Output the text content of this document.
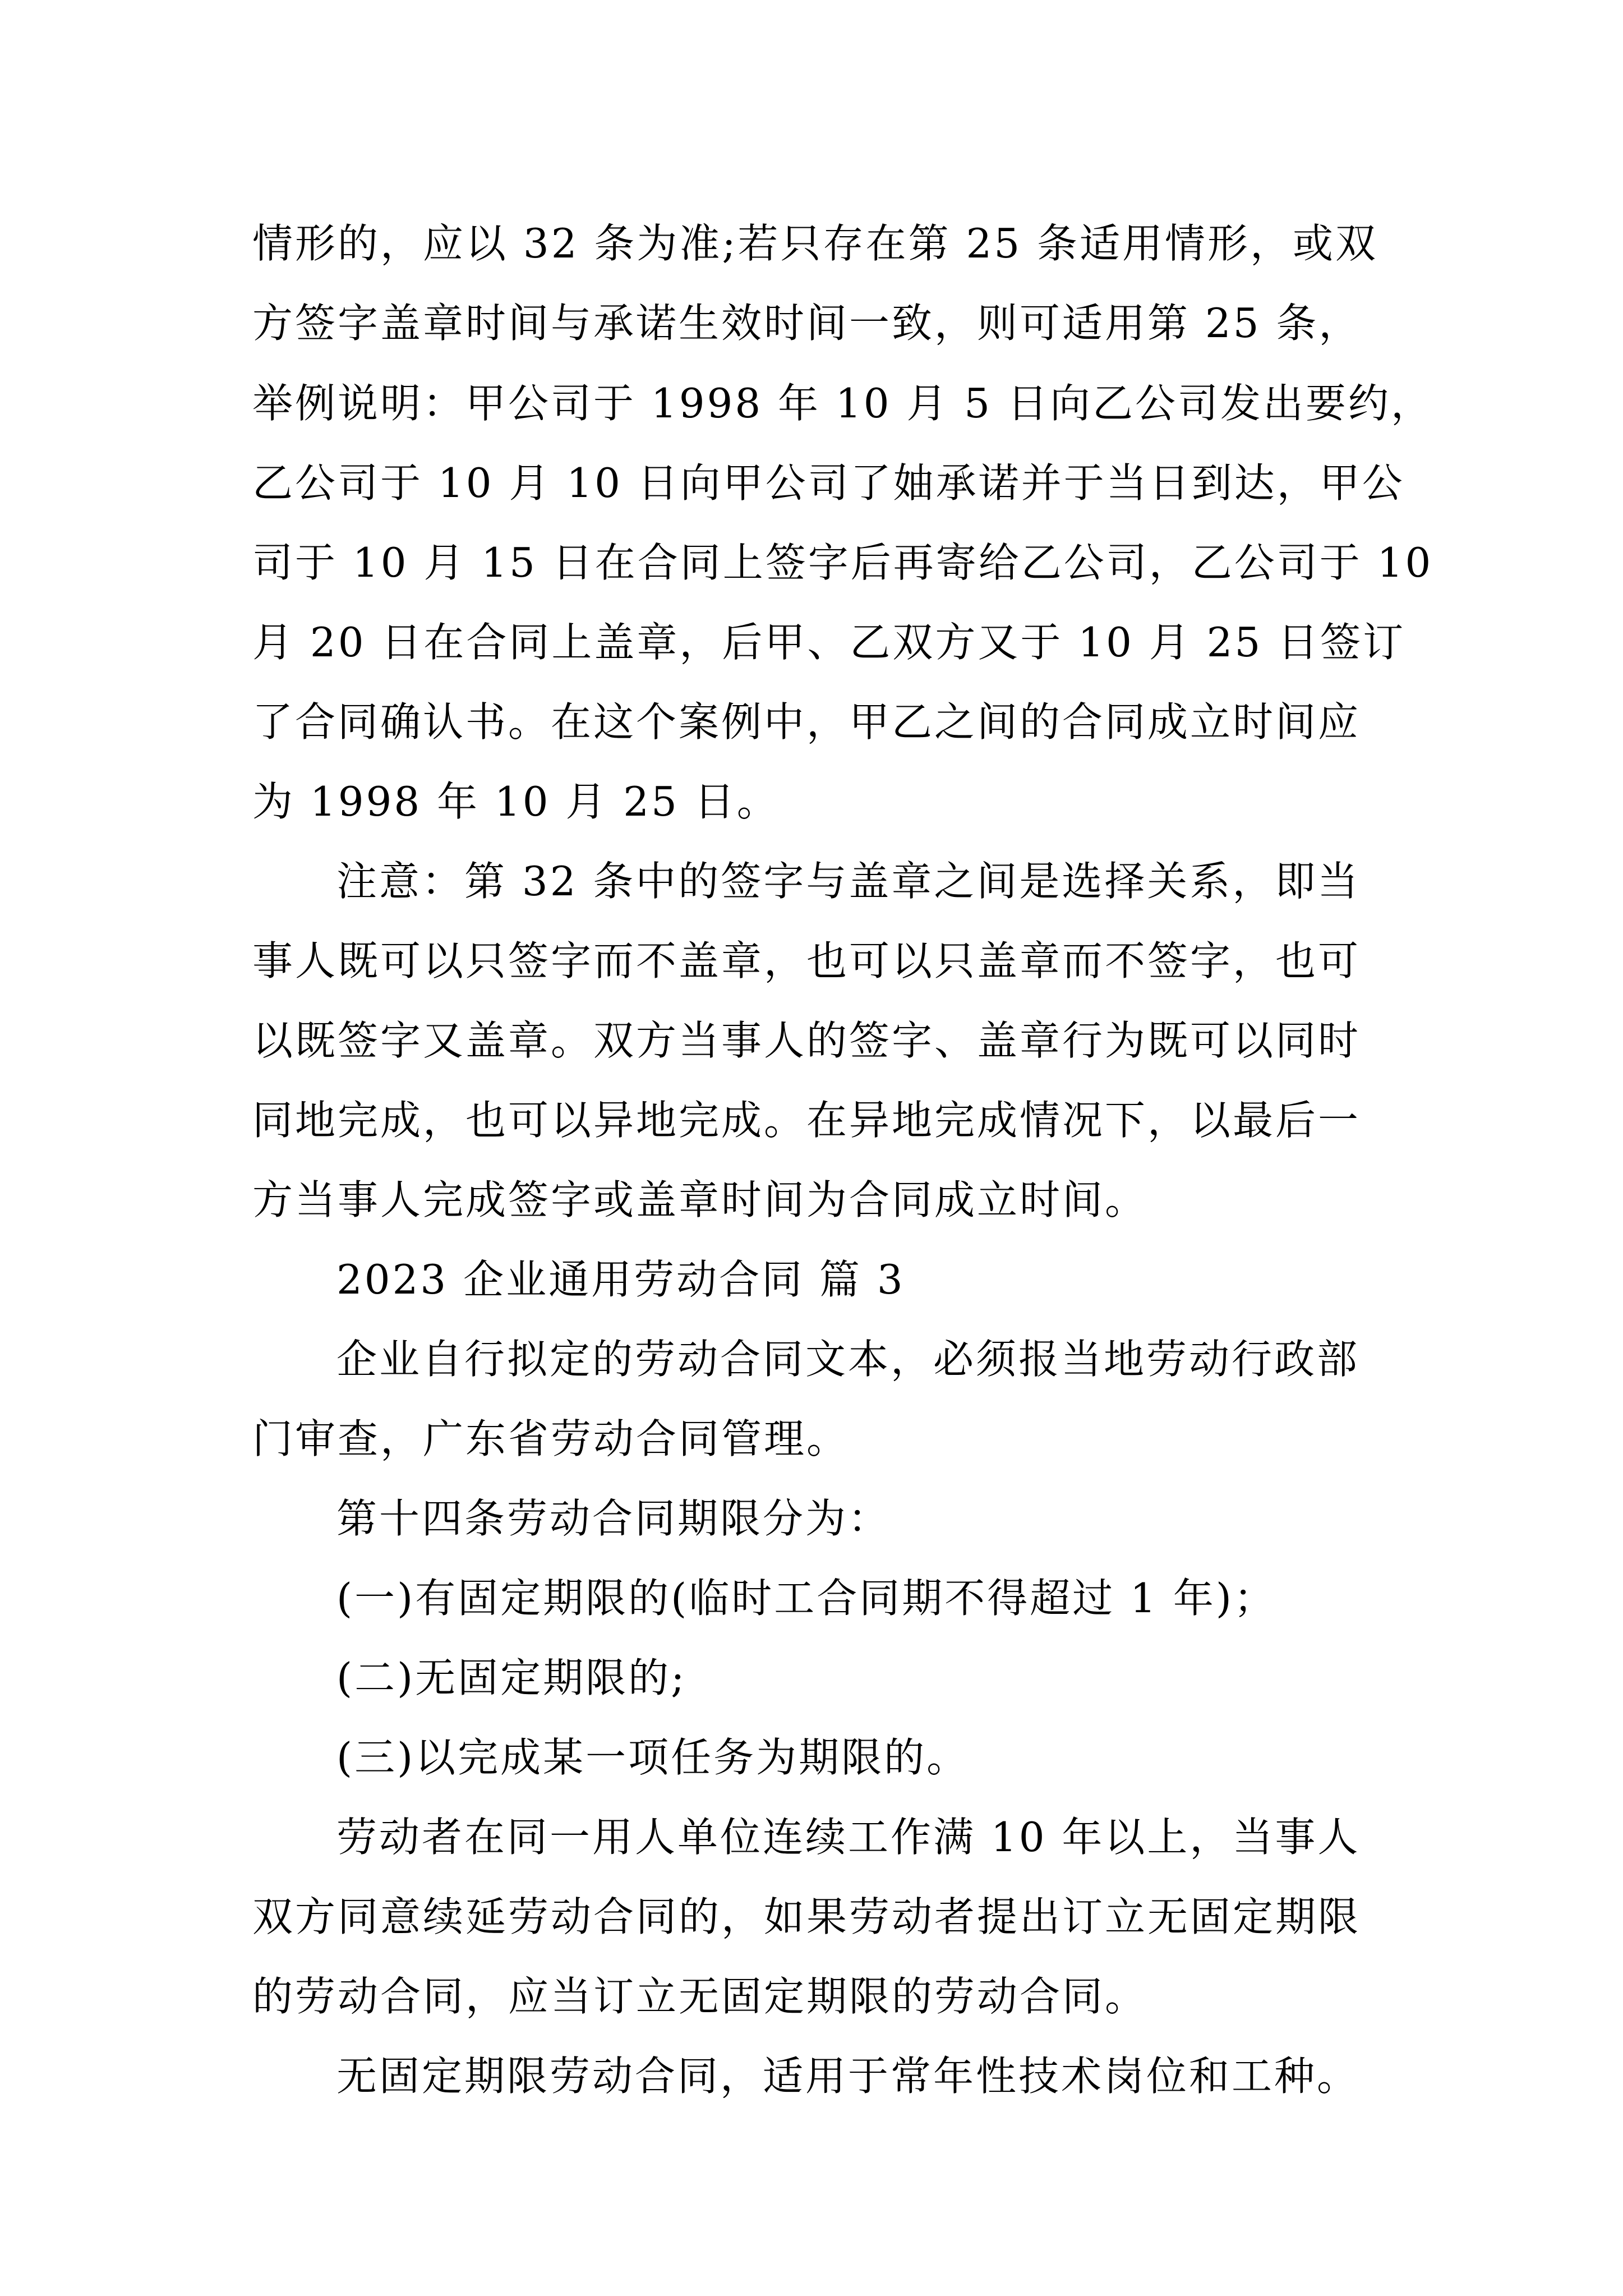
情形的，应以 32 条为准;若只存在第 25 条适用情形，或双
方签字盖章时间与承诺生效时间一致，则可适用第 25 条，
举例说明：甲公司于 1998 年 10 月 5 日向乙公司发出要约，
乙公司于 10 月 10 日向甲公司了妯承诺并于当日到达，甲公
司于 10 月 15 日在合同上签字后再寄给乙公司，乙公司于 10
月 20 日在合同上盖章，后甲、乙双方又于 10 月 25 日签订
了合同确认书。在这个案例中，甲乙之间的合同成立时间应
为 1998 年 10 月 25 日。
注意：第 32 条中的签字与盖章之间是选择关系，即当
事人既可以只签字而不盖章，也可以只盖章而不签字，也可
以既签字又盖章。双方当事人的签字、盖章行为既可以同时
同地完成，也可以异地完成。在异地完成情况下，以最后一
方当事人完成签字或盖章时间为合同成立时间。
2023 企业通用劳动合同 篇 3
企业自行拟定的劳动合同文本，必须报当地劳动行政部
门审查，广东省劳动合同管理。
第十四条劳动合同期限分为：
(一)有固定期限的(临时工合同期不得超过 1 年)；
(二)无固定期限的;
(三)以完成某一项任务为期限的。
劳动者在同一用人单位连续工作满 10 年以上，当事人
双方同意续延劳动合同的，如果劳动者提出订立无固定期限
的劳动合同，应当订立无固定期限的劳动合同。
无固定期限劳动合同，适用于常年性技术岗位和工种。
